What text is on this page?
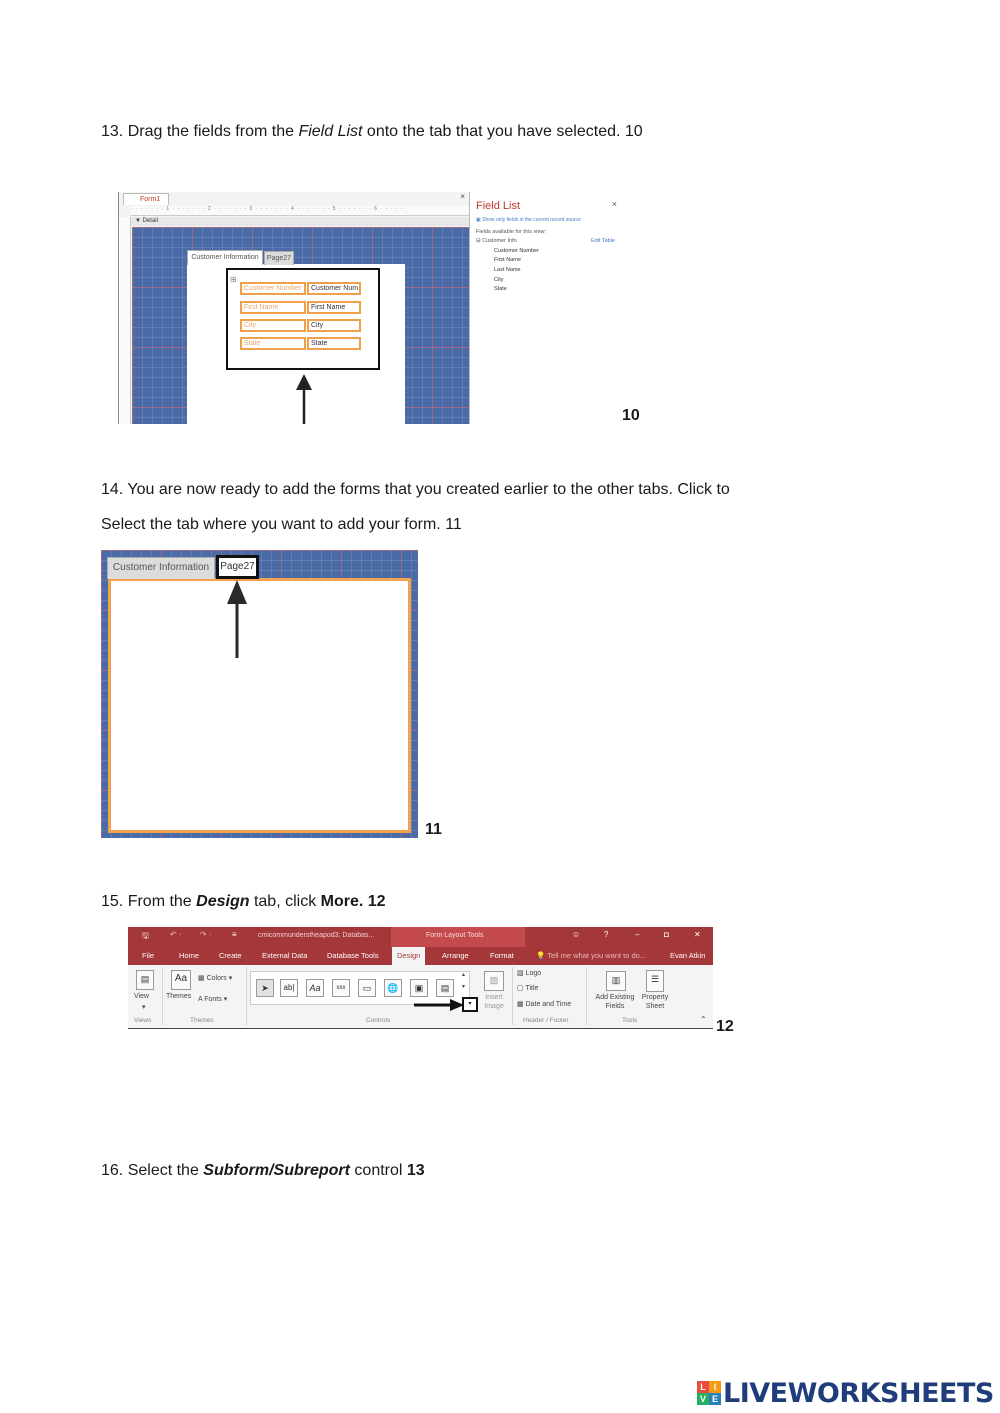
13. Drag the fields from the Field List onto the tab that you have selected. 10

Form1	×
· · · · · · · 1 · · · · · · · 2 · · · · · · · 3 · · · · · · · 4 · · · · · · · 5 · · · · · · · 6 · · · · ·
▼ Detail
Customer Information	Page27
⊞
Customer Number	Customer Num
First Name	First Name
City	City
State	State
Field List	×
▣ Show only fields in the current record source
Fields available for this view:
⊟ Customer Info	Edit Table
Customer Number
First Name
Last Name
City
State
10

14. You are now ready to add the forms that you created earlier to the other tabs. Click to

Select the tab where you want to add your form. 11

Customer Information	Page27
11

15. From the Design tab, click More. 12

🖫	↶ · ↷ ·	≡	cmicommunderstheapod3: Databas...	Form Layout Tools	☺	?	–	◘	✕
File	Home	Create	External Data	Database Tools	Design	Arrange	Format	💡 Tell me what you want to do...	Evan Atkin
▤
View
▾
Views
Aa
Themes
▦ Colors ▾
A Fonts ▾
Themes
➤	ab|	Aa	xxx	▭	🌐	▣	▤
▴
▾
▾
Controls
▨
Insert Image
▨ Logo
▢ Title
▦ Date and Time
Header / Footer
▥
Add Existing Fields
☰
Property Sheet
Tools	⌃ 12

16. Select the Subform/Subreport control 13

L I
V E LIVEWORKSHEETS
